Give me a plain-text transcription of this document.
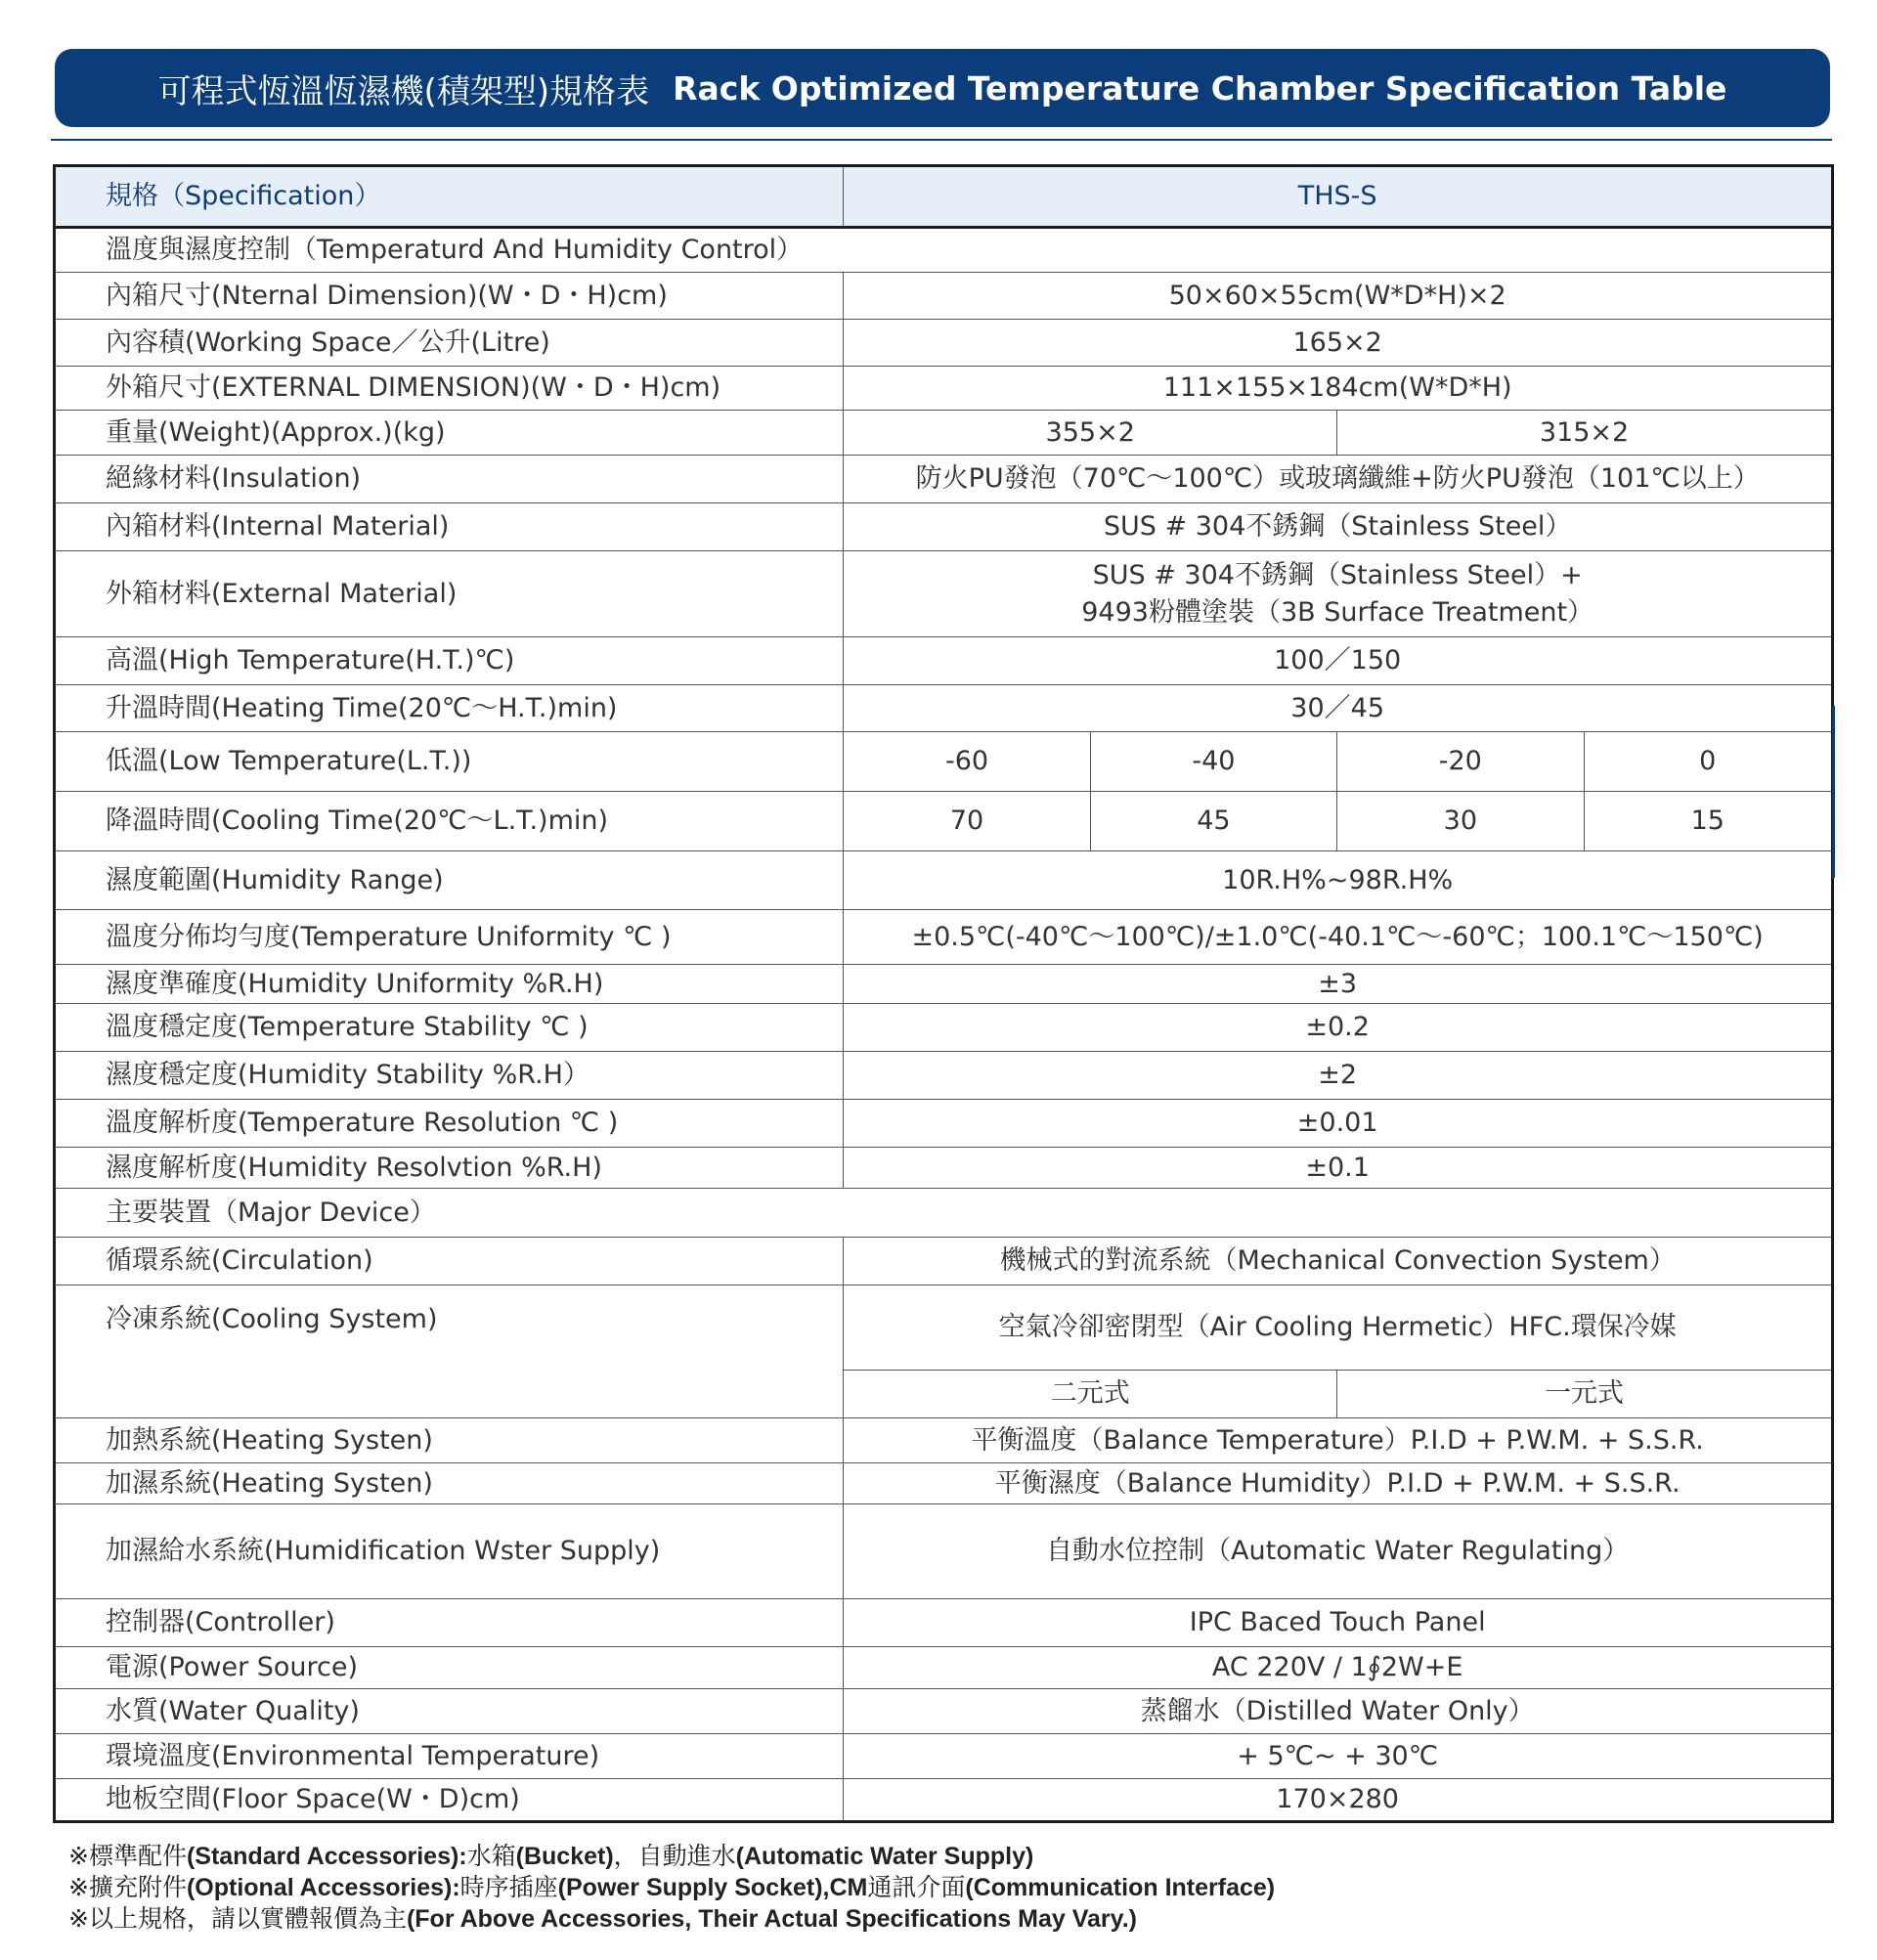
可程式恆溫恆濕機(積架型)規格表 Rack Optimized Temperature Chamber Specification Table
規格（Specification）	THS-S			
溫度與濕度控制（Temperaturd And Humidity Control）				
內箱尺寸(Nternal Dimension)(W・D・H)cm)	50×60×55cm(W*D*H)×2			
內容積(Working Space／公升(Litre)	165×2			
外箱尺寸(EXTERNAL DIMENSION)(W・D・H)cm)	111×155×184cm(W*D*H)			
重量(Weight)(Approx.)(kg)	355×2		315×2	
絕緣材料(Insulation)	防火PU發泡（70℃～100℃）或玻璃纖維+防火PU發泡（101℃以上）			
內箱材料(Internal Material)	SUS # 304不銹鋼（Stainless Steel）			
外箱材料(External Material)	SUS # 304不銹鋼（Stainless Steel）+
9493粉體塗裝（3B Surface Treatment）			

高溫(High Temperature(H.T.)℃)	100／150			
升溫時間(Heating Time(20℃～H.T.)min)	30／45			
低溫(Low Temperature(L.T.))	-60	-40	-20	0
降溫時間(Cooling Time(20℃～L.T.)min)	70	45	30	15
濕度範圍(Humidity Range)	10R.H%~98R.H%			
溫度分佈均勻度(Temperature Uniformity ℃ )	±0.5℃(-40℃～100℃)/±1.0℃(-40.1℃～-60℃；100.1℃～150℃)			
濕度準確度(Humidity Uniformity %R.H)	±3			
溫度穩定度(Temperature Stability ℃ )	±0.2			
濕度穩定度(Humidity Stability %R.H）	±2			
溫度解析度(Temperature Resolution ℃ )	±0.01			
濕度解析度(Humidity Resolvtion %R.H)	±0.1			
主要裝置（Major Device）				
循環系統(Circulation)	機械式的對流系統（Mechanical Convection System）			
冷凍系統(Cooling System)	空氣冷卻密閉型（Air Cooling Hermetic）HFC.環保冷媒			
	二元式		一元式	
加熱系統(Heating Systen)	平衡溫度（Balance Temperature）P.I.D + P.W.M. + S.S.R.			
加濕系統(Heating Systen)	平衡濕度（Balance Humidity）P.I.D + P.W.M. + S.S.R.			
加濕給水系統(Humidification Wster Supply)	自動水位控制（Automatic Water Regulating）			
控制器(Controller)	IPC Baced Touch Panel			
電源(Power Source)	AC 220V / 1∮2W+E			
水質(Water Quality)	蒸餾水（Distilled Water Only）			
環境溫度(Environmental Temperature)	+ 5℃~ + 30℃			
地板空間(Floor Space(W・D)cm)	170×280			
※標準配件(Standard Accessories):水箱(Bucket)，自動進水(Automatic Water Supply)
※擴充附件(Optional Accessories):時序插座(Power Supply Socket),CM通訊介面(Communication Interface)
※以上規格，請以實體報價為主(For Above Accessories, Their Actual Specifications May Vary.)
